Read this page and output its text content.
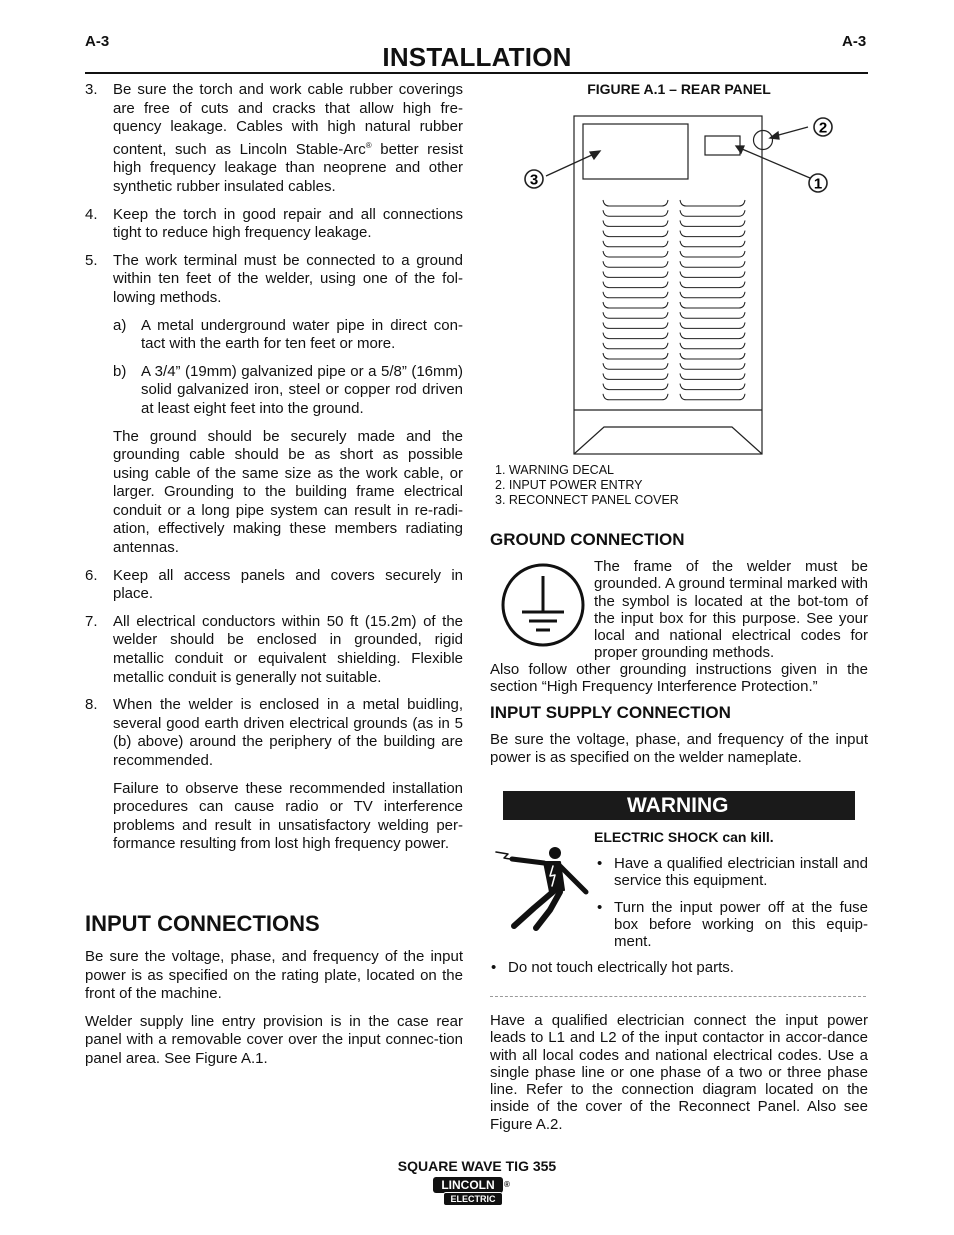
A-3	A-3
INSTALLATION
3. Be sure the torch and work cable rubber coverings are free of cuts and cracks that allow high fre-quency leakage. Cables with high natural rubber content, such as Lincoln Stable-Arc® better resist high frequency leakage than neoprene and other synthetic rubber insulated cables.

4. Keep the torch in good repair and all connections tight to reduce high frequency leakage.

5. The work terminal must be connected to a ground within ten feet of the welder, using one of the fol-lowing methods.

a) A metal underground water pipe in direct con-tact with the earth for ten feet or more.

b) A 3/4” (19mm) galvanized pipe or a 5/8” (16mm) solid galvanized iron, steel or copper rod driven at least eight feet into the ground.

The ground should be securely made and the grounding cable should be as short as possible using cable of the same size as the work cable, or larger. Grounding to the building frame electrical conduit or a long pipe system can result in re-radi-ation, effectively making these members radiating antennas.

6. Keep all access panels and covers securely in place.

7. All electrical conductors within 50 ft (15.2m) of the welder should be enclosed in grounded, rigid metallic conduit or equivalent shielding. Flexible metallic conduit is generally not suitable.

8. When the welder is enclosed in a metal buidling, several good earth driven electrical grounds (as in 5 (b) above) around the periphery of the building are recommended.

Failure to observe these recommended installation procedures can cause radio or TV interference problems and result in unsatisfactory welding per-formance resulting from lost high frequency power.

INPUT CONNECTIONS

Be sure the voltage, phase, and frequency of the input power is as specified on the rating plate, located on the front of the machine.

Welder supply line entry provision is in the case rear panel with a removable cover over the input connec-tion panel area. See Figure A.1.

FIGURE A.1 – REAR PANEL
3
2
1
1. WARNING DECAL
2. INPUT POWER ENTRY
3. RECONNECT PANEL COVER
GROUND CONNECTION
The frame of the welder must be grounded. A ground terminal marked with the symbol is located at the bot-tom of the input box for this purpose. See your local and national electrical codes for proper grounding methods.
Also follow other grounding instructions given in the section “High Frequency Interference Protection.”
INPUT SUPPLY CONNECTION
Be sure the voltage, phase, and frequency of the input power is as specified on the welder nameplate.
WARNING
ELECTRIC SHOCK can kill.
• Have a qualified electrician install and service this equipment.

• Turn the input power off at the fuse box before working on this equip-ment.

• Do not touch electrically hot parts.

Have a qualified electrician connect the input power leads to L1 and L2 of the input contactor in accor-dance with all local codes and national electrical codes. Use a single phase line or one phase of a two or three phase line. Refer to the connection diagram located on the inside of the cover of the Reconnect Panel. Also see Figure A.2.
SQUARE WAVE TIG 355
LINCOLN	®
ELECTRIC
